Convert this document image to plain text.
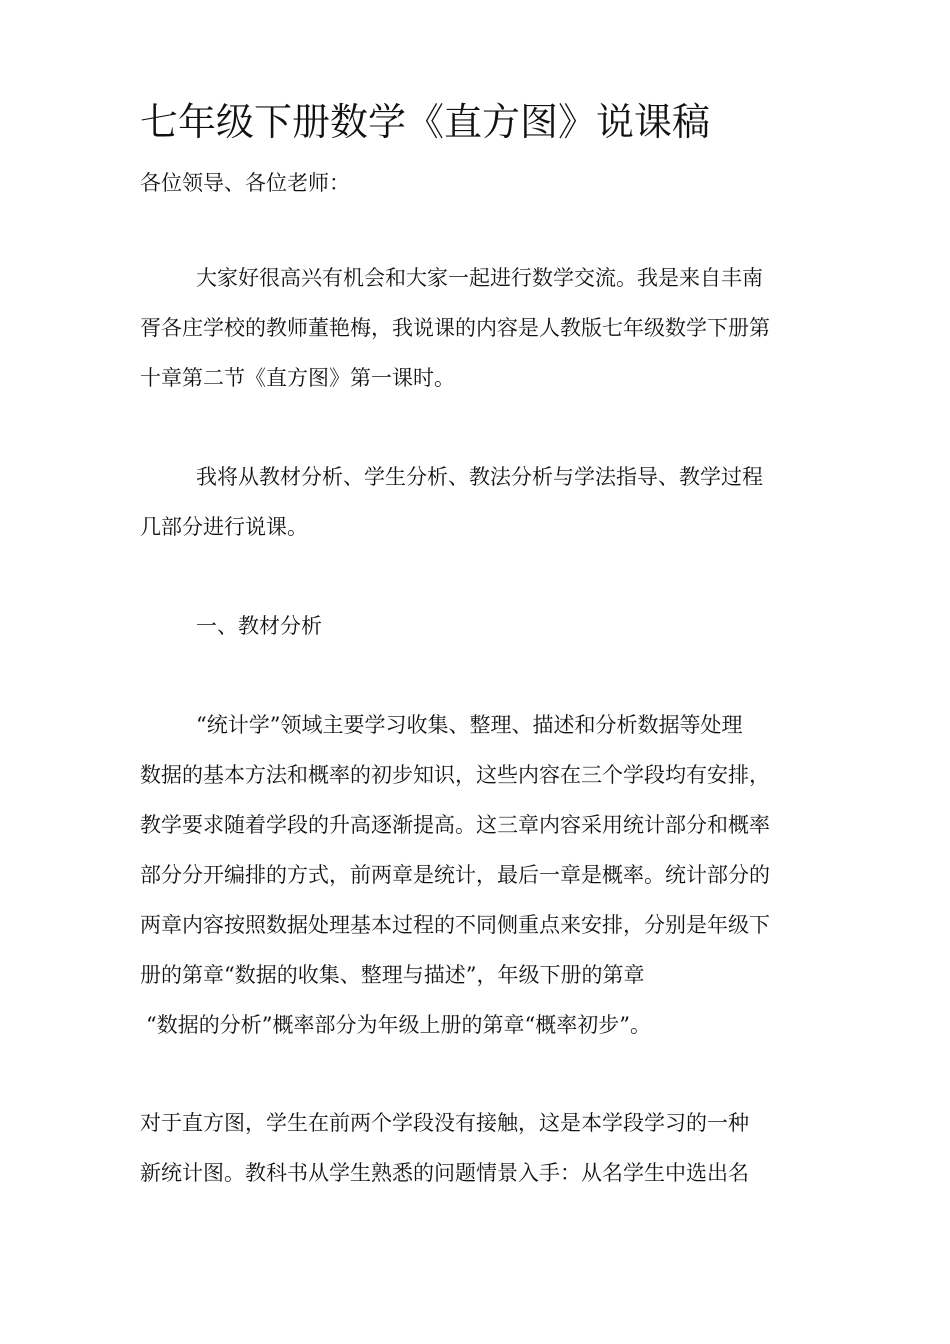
七年级下册数学《直方图》说课稿

各位领导、各位老师：

大家好很高兴有机会和大家一起进行数学交流。我是来自丰南

胥各庄学校的教师董艳梅，我说课的内容是人教版七年级数学下册第

十章第二节《直方图》第一课时。

我将从教材分析、学生分析、教法分析与学法指导、教学过程

几部分进行说课。

一、教材分析

“统计学”领域主要学习收集、整理、描述和分析数据等处理

数据的基本方法和概率的初步知识，这些内容在三个学段均有安排，

教学要求随着学段的升高逐渐提高。这三章内容采用统计部分和概率

部分分开编排的方式，前两章是统计，最后一章是概率。统计部分的

两章内容按照数据处理基本过程的不同侧重点来安排，分别是年级下

册的第章“数据的收集、整理与描述”，年级下册的第章

“数据的分析”概率部分为年级上册的第章“概率初步”。

对于直方图，学生在前两个学段没有接触，这是本学段学习的一种

新统计图。教科书从学生熟悉的问题情景入手：从名学生中选出名
